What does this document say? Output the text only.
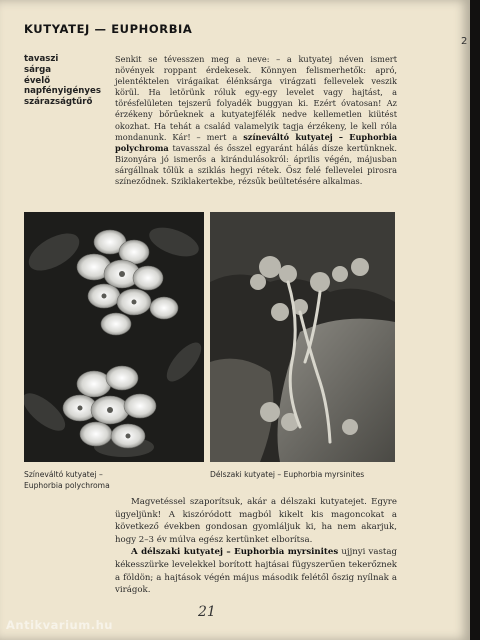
KUTYATEJ — EUPHORBIA
2
tavaszi
sárga
évelő
napfényigényes
szárazságtűrő

Senkit se tévesszen meg a neve: – a kutyatej néven ismert növények roppant érdekesek. Könnyen felismerhetők: apró, jelentéktelen virágaikat élénksárga virágzati fellevelek veszik körül. Ha letörünk róluk egy-egy levelet vagy hajtást, a törésfelületen tejszerű folyadék buggyan ki. Ezért óvatosan! Az érzékeny bőrűeknek a kutyatejfélék nedve kellemetlen kiütést okozhat. Ha tehát a család valamelyik tagja érzékeny, le kell róla mondanunk. Kár! – mert a színeváltó kutyatej – Euphorbia polychroma tavasszal és ősszel egyaránt hálás dísze kertünknek. Bizonyára jó ismerős a kirándulásokról: április végén, májusban sárgállnak tőlük a sziklás hegyi rétek. Ősz felé fellevelei pirosra színeződnek. Sziklakertekbe, rézsűk beültetésére alkalmas.

Színeváltó kutyatej –
Euphorbia polychroma
Délszaki kutyatej – Euphorbia myrsinites

Magvetéssel szaporítsuk, akár a délszaki kutyatejet. Egyre ügyeljünk! A kiszóródott magból kikelt kis magoncokat a következő években gondosan gyomláljuk ki, ha nem akarjuk, hogy 2–3 év múlva egész kertünket elborítsa.

A délszaki kutyatej – Euphorbia myrsinites ujjnyi vastag kékesszürke levelekkel borított hajtásai fügyszerűen tekerőznek a földön; a hajtások végén május második felétől őszig nyílnak a virágok.

21
Antikvarium.hu
